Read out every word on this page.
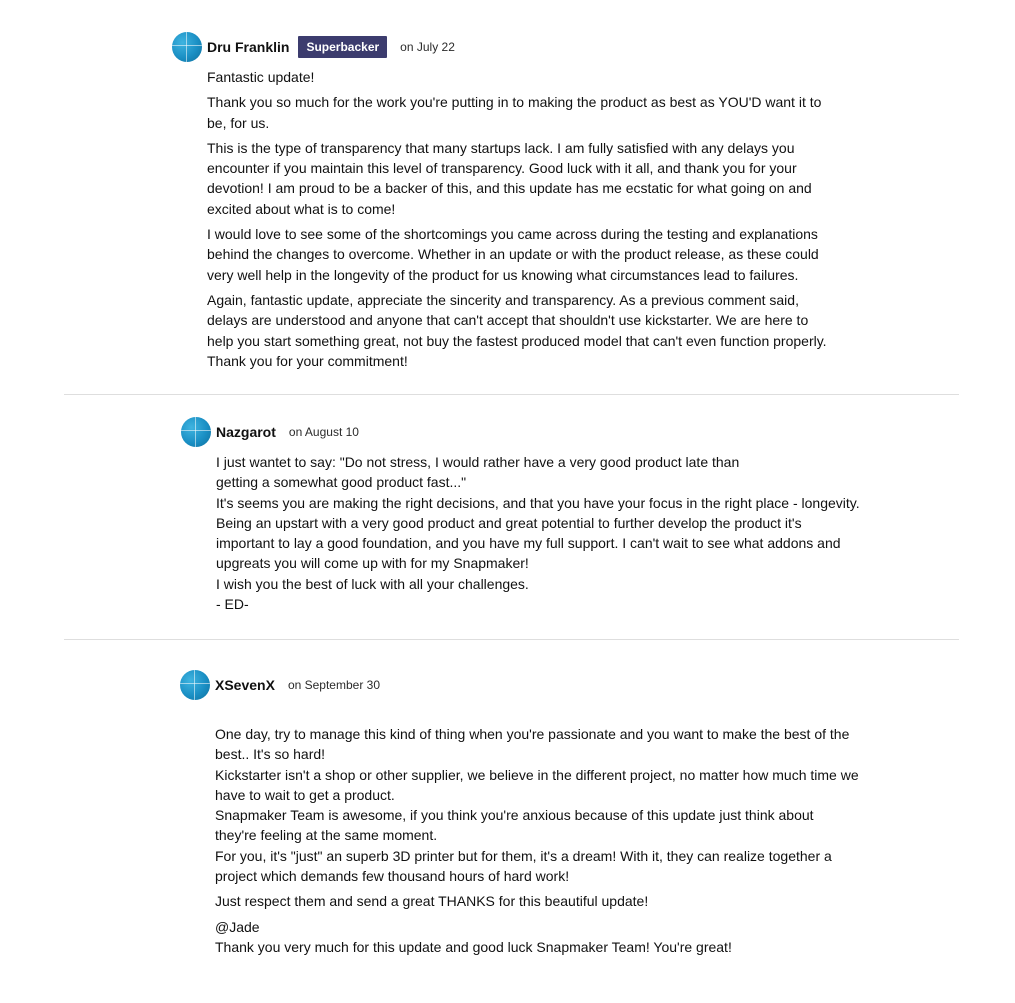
Dru Franklin	Superbacker	on July 22

Fantastic update!

Thank you so much for the work you're putting in to making the product as best as YOU'D want it to be, for us.

This is the type of transparency that many startups lack. I am fully satisfied with any delays you encounter if you maintain this level of transparency. Good luck with it all, and thank you for your devotion! I am proud to be a backer of this, and this update has me ecstatic for what going on and excited about what is to come!

I would love to see some of the shortcomings you came across during the testing and explanations behind the changes to overcome. Whether in an update or with the product release, as these could very well help in the longevity of the product for us knowing what circumstances lead to failures.

Again, fantastic update, appreciate the sincerity and transparency. As a previous comment said, delays are understood and anyone that can't accept that shouldn't use kickstarter. We are here to help you start something great, not buy the fastest produced model that can't even function properly. Thank you for your commitment!

Nazgarot on August 10

I just wantet to say: "Do not stress, I would rather have a very good product late than

getting a somewhat good product fast..."

It's seems you are making the right decisions, and that you have your focus in the right place - longevity.

Being an upstart with a very good product and great potential to further develop the product it's

important to lay a good foundation, and you have my full support. I can't wait to see what addons and

upgreats you will come up with for my Snapmaker!

I wish you the best of luck with all your challenges.

- ED-

XSevenX on September 30

One day, try to manage this kind of thing when you're passionate and you want to make the best of the

best.. It's so hard!

Kickstarter isn't a shop or other supplier, we believe in the different project, no matter how much time we

have to wait to get a product.

Snapmaker Team is awesome, if you think you're anxious because of this update just think about

they're feeling at the same moment.

For you, it's "just" an superb 3D printer but for them, it's a dream! With it, they can realize together a

project which demands few thousand hours of hard work!

Just respect them and send a great THANKS for this beautiful update!

@Jade

Thank you very much for this update and good luck Snapmaker Team! You're great!
